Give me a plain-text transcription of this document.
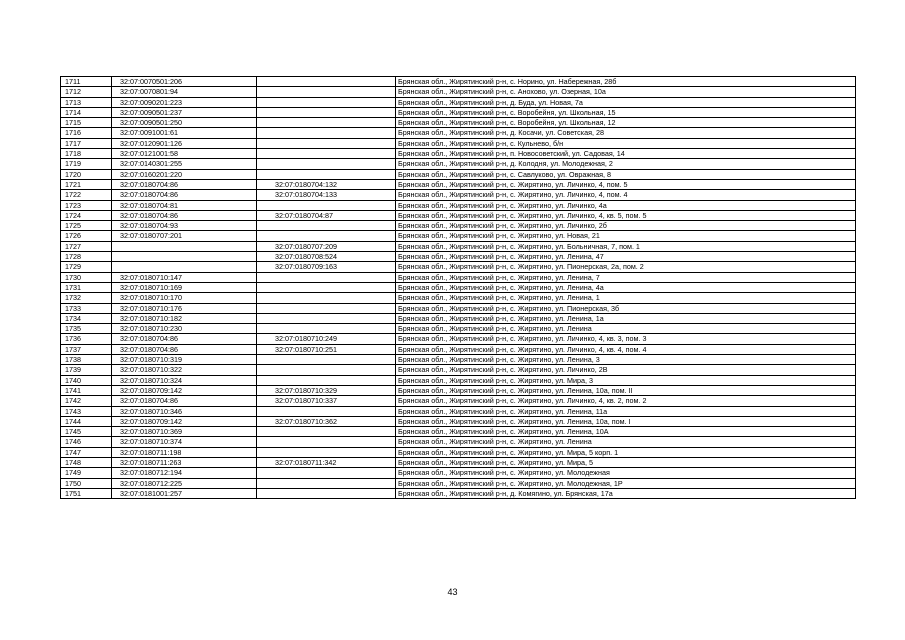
1711	32:07:0070501:206		Брянская обл., Жирятинский р-н, с. Норино, ул. Набережная, 28б
1712	32:07:0070801:94		Брянская обл., Жирятинский р-н, с. Анохово, ул. Озерная, 10а
1713	32:07:0090201:223		Брянская обл., Жирятинский р-н, д. Буда, ул. Новая, 7а
1714	32:07:0090501:237		Брянская обл., Жирятинский р-н, с. Воробейня, ул. Школьная, 15
1715	32:07:0090501:250		Брянская обл., Жирятинский р-н, с. Воробейня, ул. Школьная, 12
1716	32:07:0091001:61		Брянская обл., Жирятинский р-н, д. Косачи, ул. Советская, 28
1717	32:07:0120901:126		Брянская обл., Жирятинский р-н, с. Кульнево, б/н
1718	32:07:0121001:58		Брянская обл., Жирятинский р-н, п. Новосоветский, ул. Садовая, 14
1719	32:07:0140301:255		Брянская обл., Жирятинский р-н, д. Колодня, ул. Молодежная, 2
1720	32:07:0160201:220		Брянская обл., Жирятинский р-н, с. Савлуково, ул. Овражная, 8
1721	32:07:0180704:86	32:07:0180704:132	Брянская обл., Жирятинский р-н, с. Жирятино, ул. Личинко, 4, пом. 5
1722	32:07:0180704:86	32:07:0180704:133	Брянская обл., Жирятинский р-н, с. Жирятино, ул. Личинко, 4, пом. 4
1723	32:07:0180704:81		Брянская обл., Жирятинский р-н, с. Жирятино, ул. Личинко, 4а
1724	32:07:0180704:86	32:07:0180704:87	Брянская обл., Жирятинский р-н, с. Жирятино, ул. Личинко, 4, кв. 5, пом. 5
1725	32:07:0180704:93		Брянская обл., Жирятинский р-н, с. Жирятино, ул. Личинко, 2б
1726	32:07:0180707:201		Брянская обл., Жирятинский р-н, с. Жирятино, ул. Новая, 21
1727		32:07:0180707:209	Брянская обл., Жирятинский р-н, с. Жирятино, ул. Больничная, 7, пом. 1
1728		32:07:0180708:524	Брянская обл., Жирятинский р-н, с. Жирятино, ул. Ленина, 47
1729		32:07:0180709:163	Брянская обл., Жирятинский р-н, с. Жирятино, ул. Пионерская, 2а, пом. 2
1730	32:07:0180710:147		Брянская обл., Жирятинский р-н, с. Жирятино, ул. Ленина, 7
1731	32:07:0180710:169		Брянская обл., Жирятинский р-н, с. Жирятино, ул. Ленина, 4а
1732	32:07:0180710:170		Брянская обл., Жирятинский р-н, с. Жирятино, ул. Ленина, 1
1733	32:07:0180710:176		Брянская обл., Жирятинский р-н, с. Жирятино, ул. Пионерская, 3б
1734	32:07:0180710:182		Брянская обл., Жирятинский р-н, с. Жирятино, ул. Ленина, 1а
1735	32:07:0180710:230		Брянская обл., Жирятинский р-н, с. Жирятино, ул. Ленина
1736	32:07:0180704:86	32:07:0180710:249	Брянская обл., Жирятинский р-н, с. Жирятино, ул. Личинко, 4, кв. 3, пом. 3
1737	32:07:0180704:86	32:07:0180710:251	Брянская обл., Жирятинский р-н, с. Жирятино, ул. Личинко, 4, кв. 4, пом. 4
1738	32:07:0180710:319		Брянская обл., Жирятинский р-н, с. Жирятино, ул. Ленина, 3
1739	32:07:0180710:322		Брянская обл., Жирятинский р-н, с. Жирятино, ул. Личинко, 2В
1740	32:07:0180710:324		Брянская обл., Жирятинский р-н, с. Жирятино, ул. Мира, 3
1741	32:07:0180709:142	32:07:0180710:329	Брянская обл., Жирятинский р-н, с. Жирятино, ул. Ленина, 10а, пом. II
1742	32:07:0180704:86	32:07:0180710:337	Брянская обл., Жирятинский р-н, с. Жирятино, ул. Личинко, 4, кв. 2, пом. 2
1743	32:07:0180710:346		Брянская обл., Жирятинский р-н, с. Жирятино, ул. Ленина, 11а
1744	32:07:0180709:142	32:07:0180710:362	Брянская обл., Жирятинский р-н, с. Жирятино, ул. Ленина, 10а, пом. I
1745	32:07:0180710:369		Брянская обл., Жирятинский р-н, с. Жирятино, ул. Ленина, 10А
1746	32:07:0180710:374		Брянская обл., Жирятинский р-н, с. Жирятино, ул. Ленина
1747	32:07:0180711:198		Брянская обл., Жирятинский р-н, с. Жирятино, ул. Мира, 5 корп. 1
1748	32:07:0180711:263	32:07:0180711:342	Брянская обл., Жирятинский р-н, с. Жирятино, ул. Мира, 5
1749	32:07:0180712:194		Брянская обл., Жирятинский р-н, с. Жирятино, ул. Молодежная
1750	32:07:0180712:225		Брянская обл., Жирятинский р-н, с. Жирятино, ул. Молодежная, 1Р
1751	32:07:0181001:257		Брянская обл., Жирятинский р-н, д. Комягино, ул. Брянская, 17а
43
